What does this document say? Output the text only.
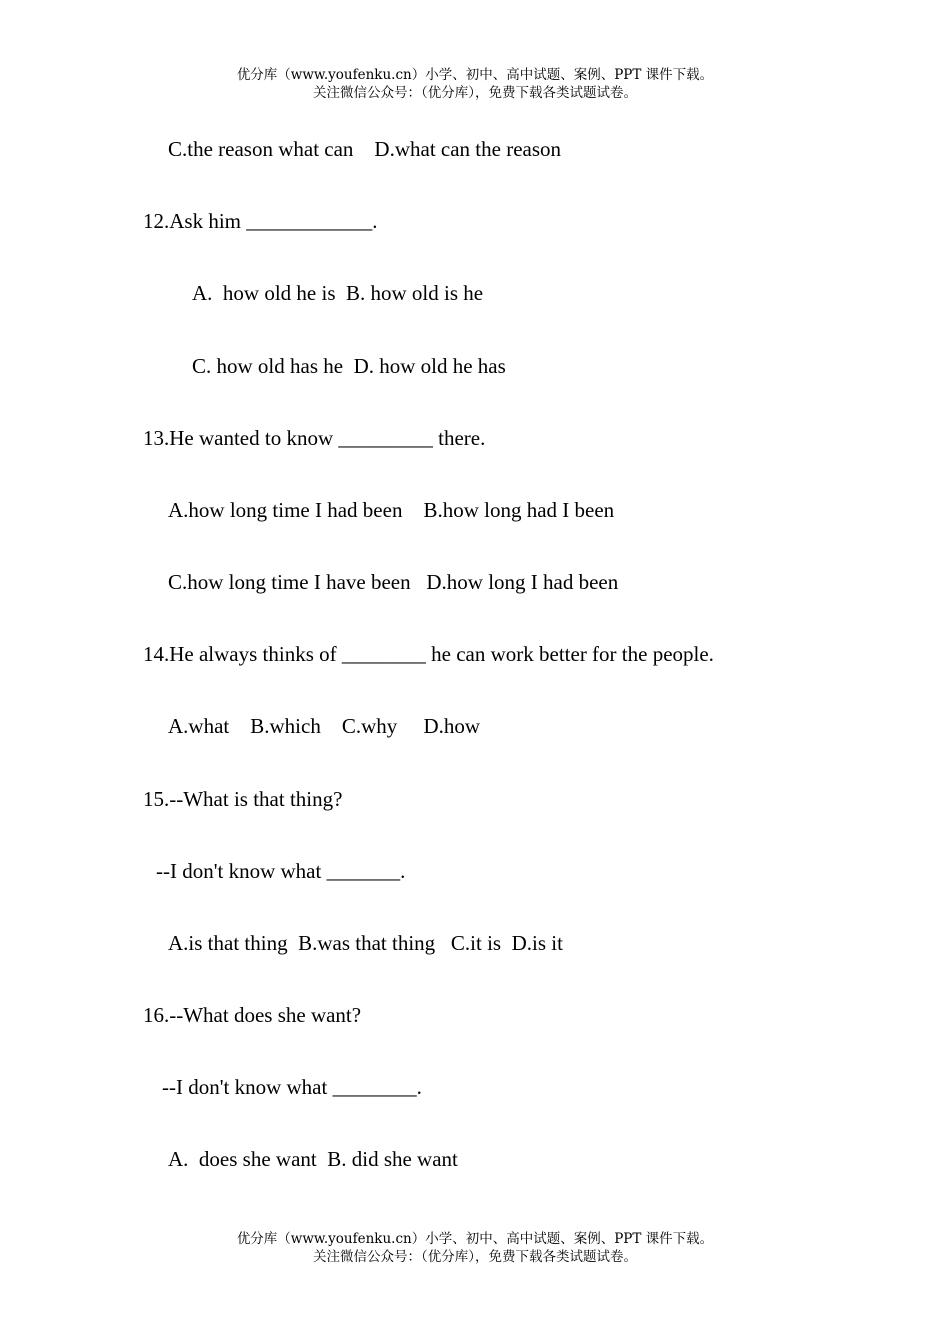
优分库（www.youfenku.cn）小学、初中、高中试题、案例、PPT 课件下载。
关注微信公众号：（优分库），免费下载各类试题试卷。
C.the reason what can    D.what can the reason
12.Ask him ____________.
A.  how old he is  B. how old is he
C. how old has he  D. how old he has
13.He wanted to know _________ there.
A.how long time I had been    B.how long had I been
C.how long time I have been   D.how long I had been
14.He always thinks of ________ he can work better for the people.
A.what    B.which    C.why     D.how
15.--What is that thing?
--I don't know what _______.
A.is that thing  B.was that thing   C.it is  D.is it
16.--What does she want?
--I don't know what ________.
A.  does she want  B. did she want
优分库（www.youfenku.cn）小学、初中、高中试题、案例、PPT 课件下载。
关注微信公众号：（优分库），免费下载各类试题试卷。
